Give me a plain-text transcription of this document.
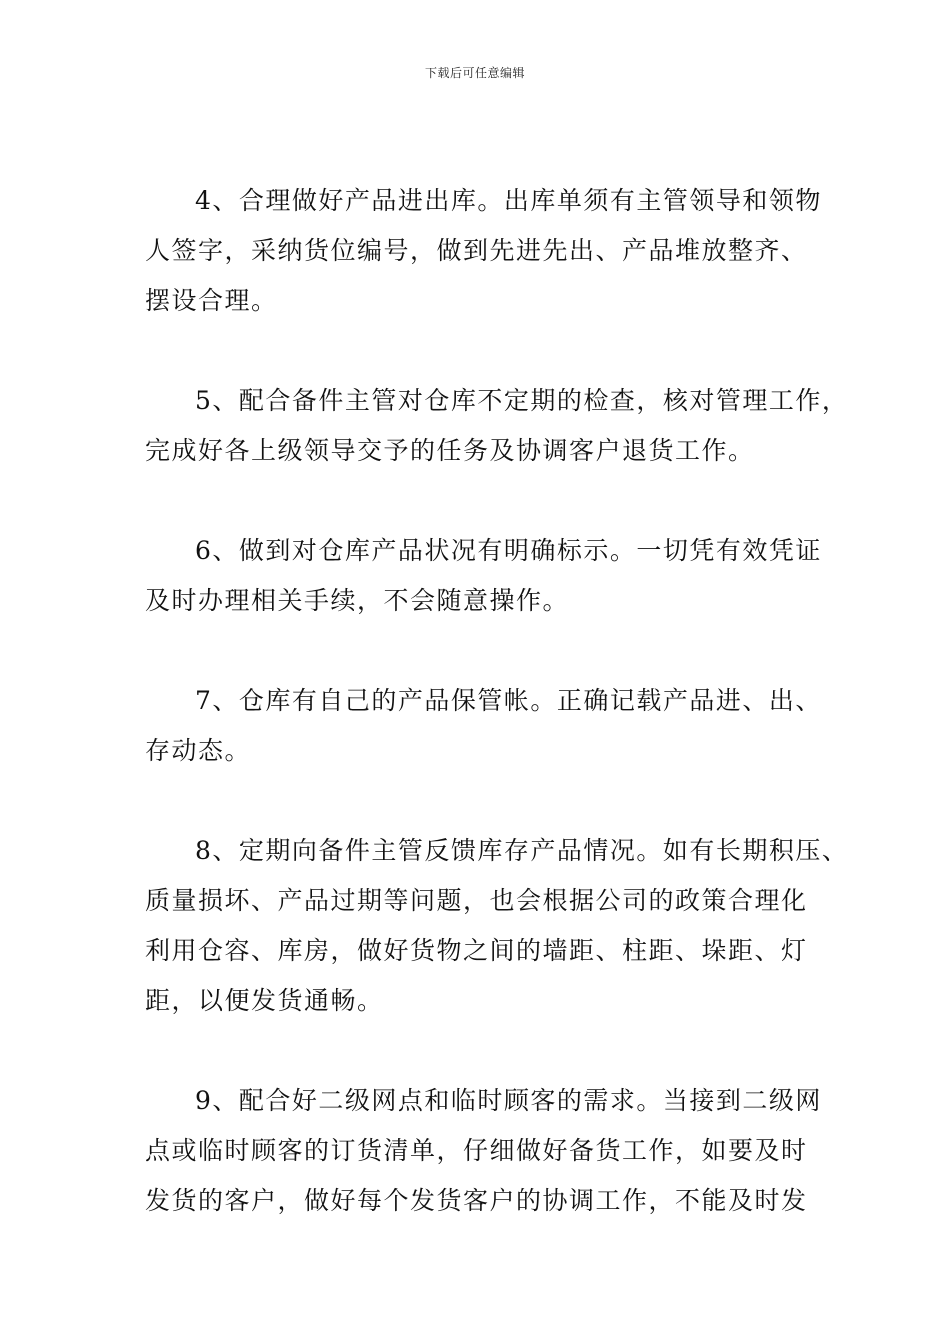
下载后可任意编辑
4、合理做好产品进出库。出库单须有主管领导和领物
人签字，采纳货位编号，做到先进先出、产品堆放整齐、
摆设合理。
5、配合备件主管对仓库不定期的检查，核对管理工作，
完成好各上级领导交予的任务及协调客户退货工作。
6、做到对仓库产品状况有明确标示。一切凭有效凭证
及时办理相关手续，不会随意操作。
7、仓库有自己的产品保管帐。正确记载产品进、出、
存动态。
8、定期向备件主管反馈库存产品情况。如有长期积压、
质量损坏、产品过期等问题，也会根据公司的政策合理化
利用仓容、库房，做好货物之间的墙距、柱距、垛距、灯
距，以便发货通畅。
9、配合好二级网点和临时顾客的需求。当接到二级网
点或临时顾客的订货清单，仔细做好备货工作，如要及时
发货的客户，做好每个发货客户的协调工作，不能及时发
